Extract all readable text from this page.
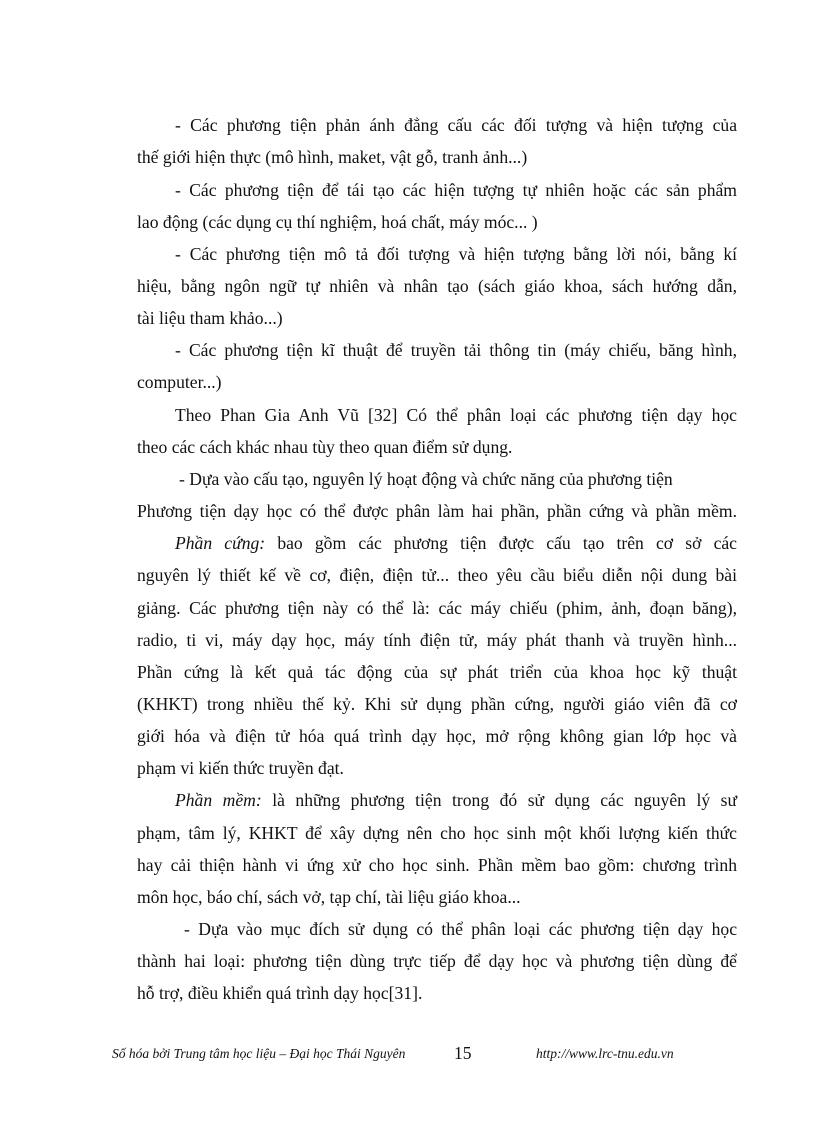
- Các phương tiện phản ánh đẳng cấu các đối tượng và hiện tượng của

thế giới hiện thực (mô hình, maket, vật gỗ, tranh ảnh...)

- Các phương tiện để tái tạo các hiện tượng tự nhiên hoặc các sản phẩm

lao động (các dụng cụ thí nghiệm, hoá chất, máy móc... )

- Các phương tiện mô tả đối tượng và hiện tượng bằng lời nói, bằng kí

hiệu, bằng ngôn ngữ tự nhiên và nhân tạo (sách giáo khoa, sách hướng dẫn,

tài liệu tham khảo...)

- Các phương tiện kĩ thuật để truyền tải thông tin (máy chiếu, băng hình,

computer...)

Theo Phan Gia Anh Vũ [32] Có thể phân loại các phương tiện dạy học

theo các cách khác nhau tùy theo quan điểm sử dụng.

- Dựa vào cấu tạo, nguyên lý hoạt động và chức năng của phương tiện

Phương tiện dạy học có thể được phân làm hai phần, phần cứng và phần mềm.

Phần cứng: bao gồm các phương tiện được cấu tạo trên cơ sở các

nguyên lý thiết kế về cơ, điện, điện tử... theo yêu cầu biểu diễn nội dung bài

giảng. Các phương tiện này có thể là: các máy chiếu (phim, ảnh, đoạn băng),

radio, ti vi, máy dạy học, máy tính điện tử, máy phát thanh và truyền hình...

Phần cứng là kết quả tác động của sự phát triển của khoa học kỹ thuật

(KHKT) trong nhiều thế kỷ. Khi sử dụng phần cứng, người giáo viên đã cơ

giới hóa và điện tử hóa quá trình dạy học, mở rộng không gian lớp học và

phạm vi kiến thức truyền đạt.

Phần mềm: là những phương tiện trong đó sử dụng các nguyên lý sư

phạm, tâm lý, KHKT để xây dựng nên cho học sinh một khối lượng kiến thức

hay cải thiện hành vi ứng xử cho học sinh. Phần mềm bao gồm: chương trình

môn học, báo chí, sách vở, tạp chí, tài liệu giáo khoa...

- Dựa vào mục đích sử dụng có thể phân loại các phương tiện dạy học

thành hai loại: phương tiện dùng trực tiếp để dạy học và phương tiện dùng để

hỗ trợ, điều khiển quá trình dạy học[31].

Số hóa bởi Trung tâm học liệu – Đại học Thái Nguyên	15	http://www.lrc-tnu.edu.vn
